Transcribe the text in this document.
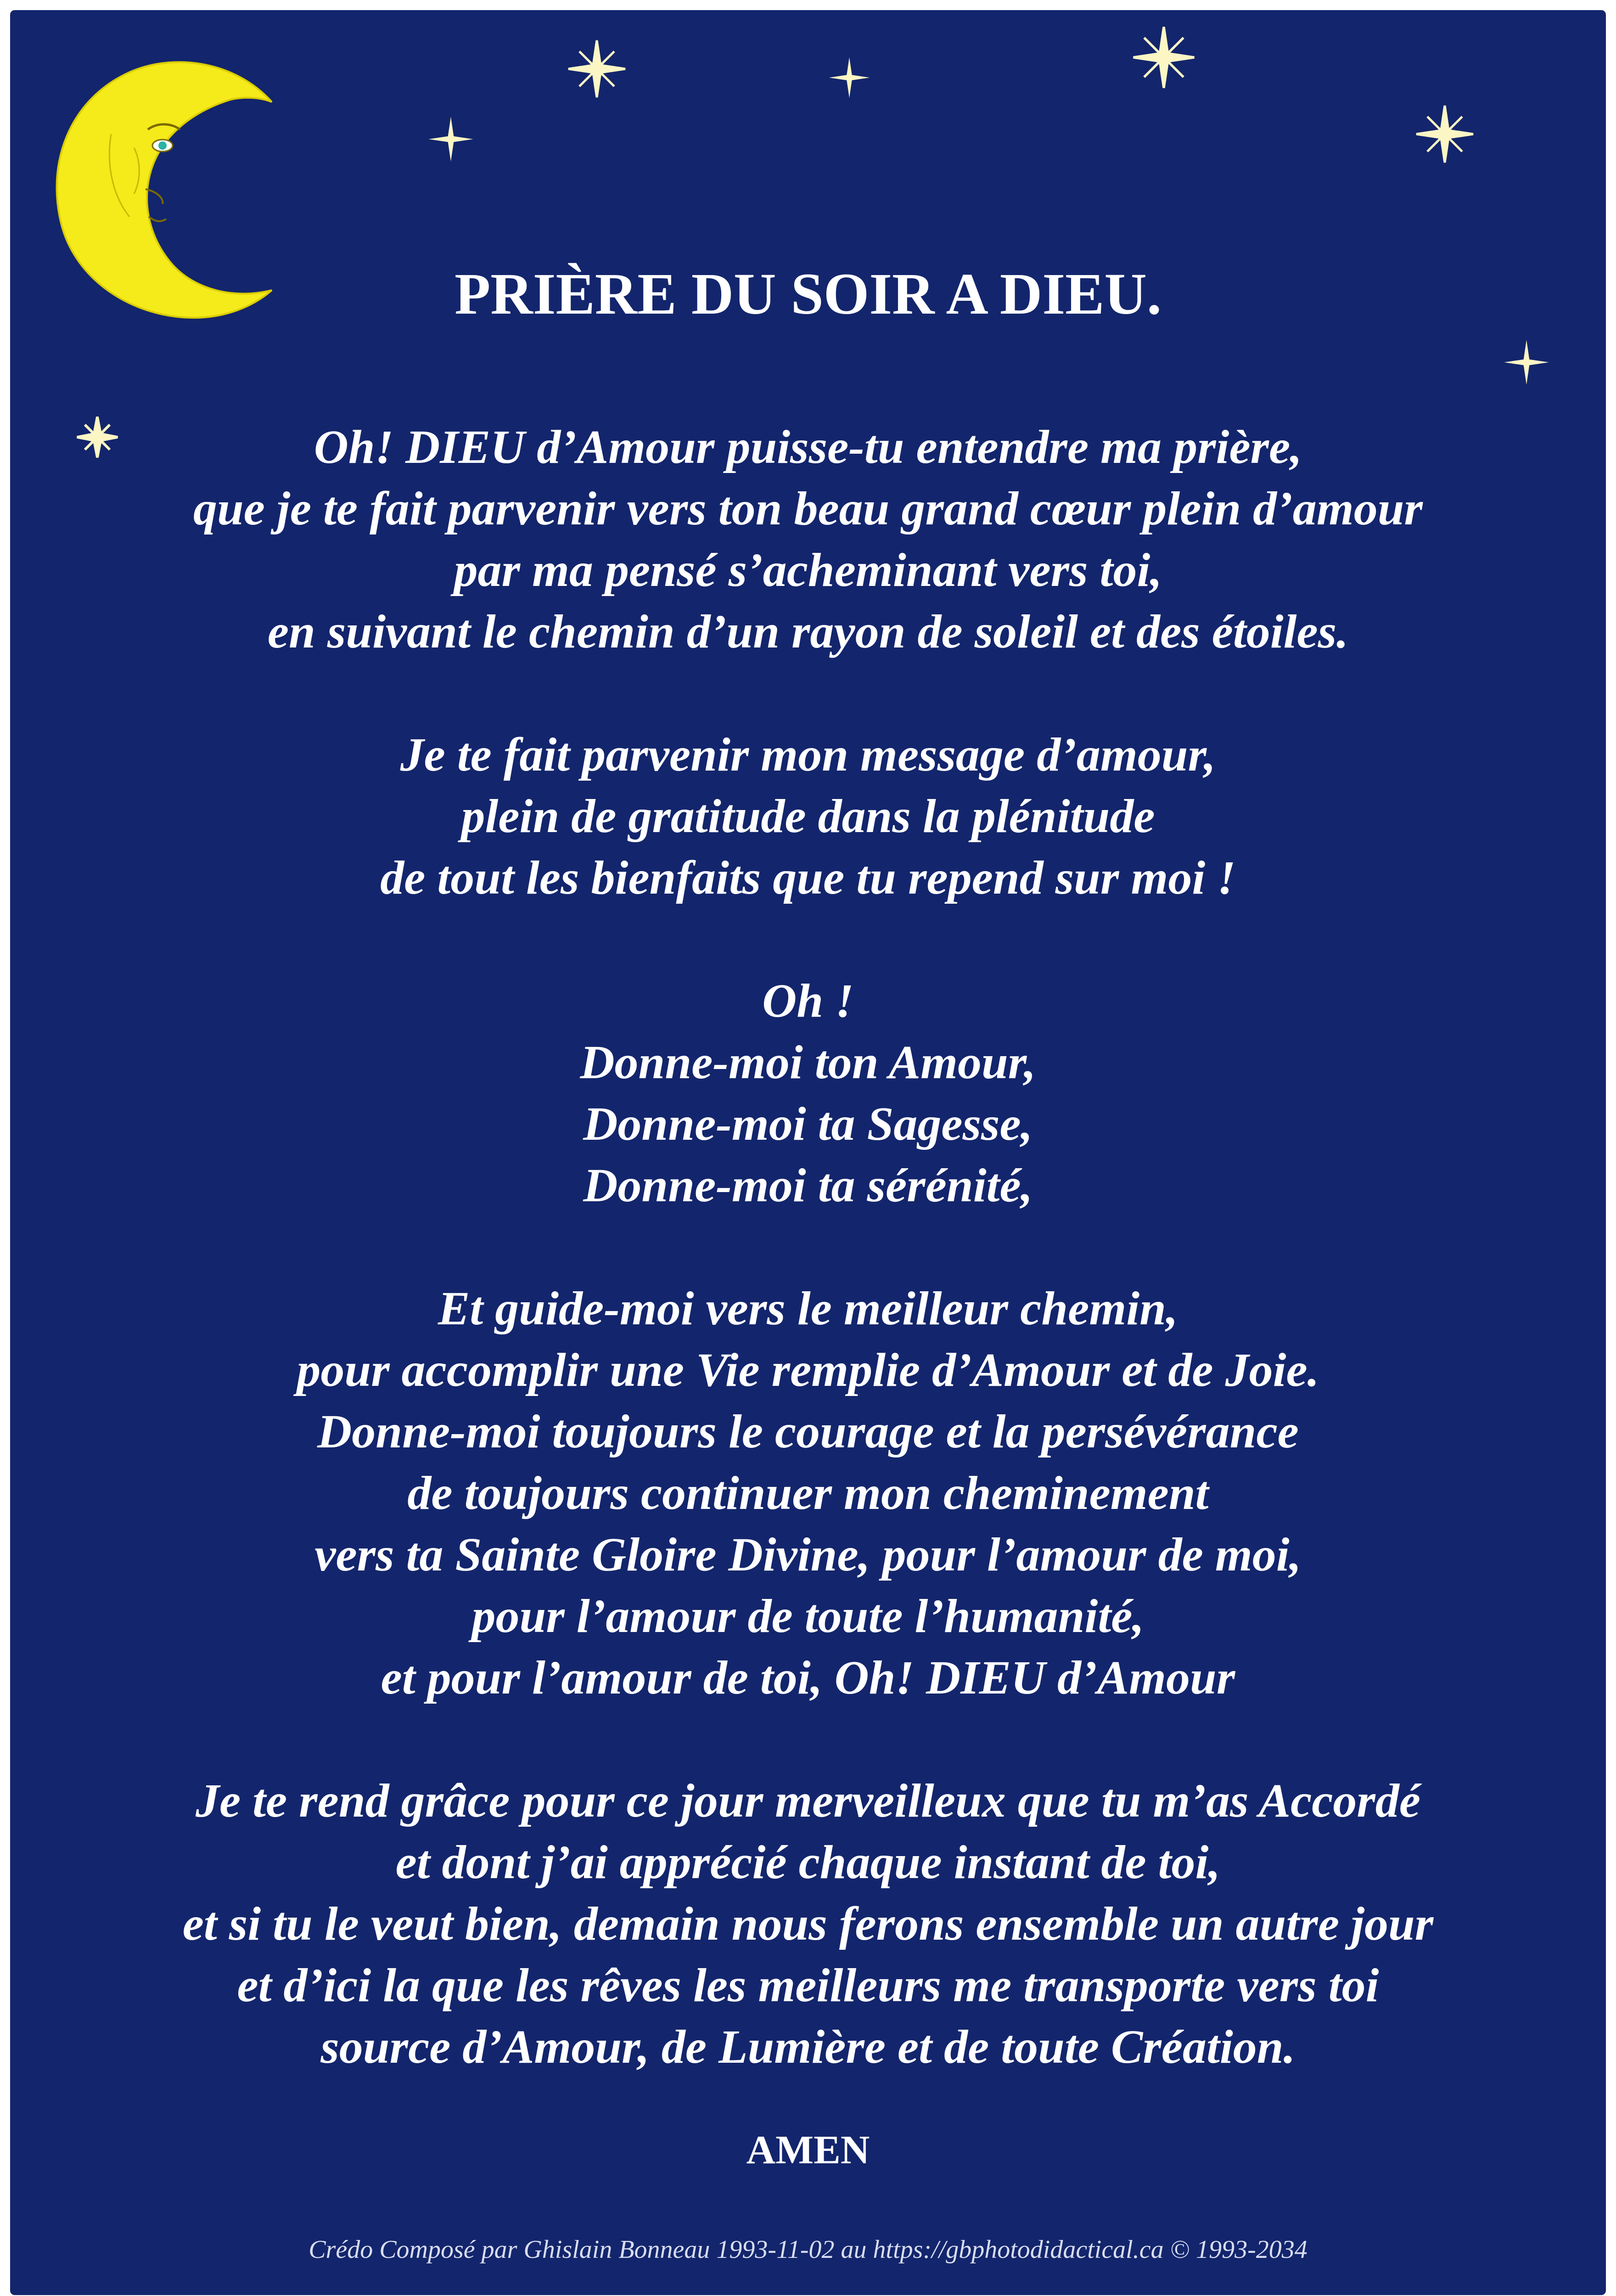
PRIÈRE DU SOIR A DIEU.

Oh! DIEU d’Amour puisse-tu entendre ma prière,
que je te fait parvenir vers ton beau grand cœur plein d’amour
par ma pensé s’acheminant vers toi,
en suivant le chemin d’un rayon de soleil et des étoiles.

Je te fait parvenir mon message d’amour,
plein de gratitude dans la plénitude
de tout les bienfaits que tu repend sur moi !

Oh !
Donne-moi ton Amour,
Donne-moi ta Sagesse,
Donne-moi ta sérénité,

Et guide-moi vers le meilleur chemin,
pour accomplir une Vie remplie d’Amour et de Joie.
Donne-moi toujours le courage et la persévérance
de toujours continuer mon cheminement
vers ta Sainte Gloire Divine, pour l’amour de moi,
pour l’amour de toute l’humanité,
et pour l’amour de toi, Oh! DIEU d’Amour

Je te rend grâce pour ce jour merveilleux que tu m’as Accordé
et dont j’ai apprécié chaque instant de toi,
et si tu le veut bien, demain nous ferons ensemble un autre jour
et d’ici la que les rêves les meilleurs me transporte vers toi
source d’Amour, de Lumière et de toute Création.

AMEN

Crédo Composé par Ghislain Bonneau 1993-11-02 au https://gbphotodidactical.ca © 1993-2034
